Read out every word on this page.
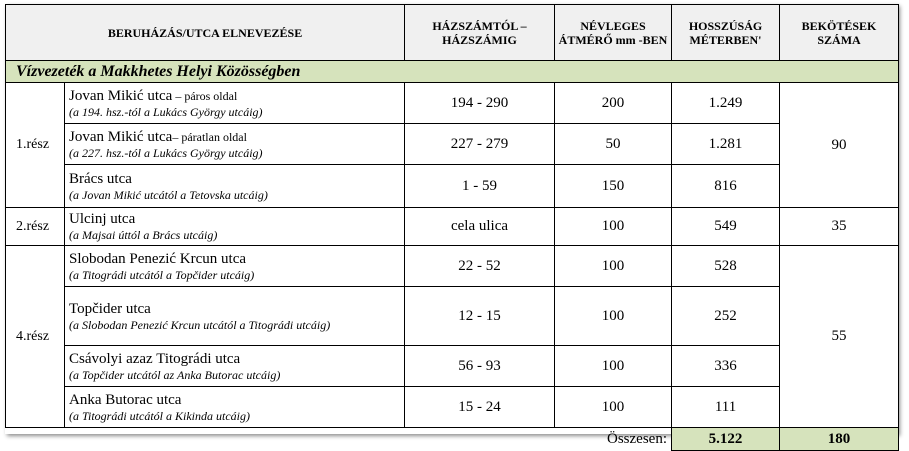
BERUHÁZÁS/UTCA ELNEVEZÉSE		HÁZSZÁMTÓL – HÁZSZÁMIG	NÉVLEGES ÁTMÉRŐ mm -BEN	HOSSZÚSÁG MÉTERBEN'	BEKÖTÉSEK SZÁMA
Vízvezeték a Makkhetes Helyi Közösségben					
1.rész	Jovan Mikić utca – páros oldal
(a 194. hsz.-tól a Lukács György utcáig)	194 - 290	200	1.249	90

	Jovan Mikić utca– páratlan oldal
(a 227. hsz.-tól a Lukács György utcáig)	227 - 279	50	1.281	

	Brács utca
(a Jovan Mikić utcától a Tetovska utcáig)	1 - 59	150	816	
2.rész	Ulcinj utca
(a Majsai úttól a Brács utcáig)	cela ulica	100	549	35
4.rész	Slobodan Penezić Krcun utca
(a Titográdi utcától a Topčider utcáig)	22 - 52	100	528	55

	Topčider utca
(a Slobodan Penezić Krcun utcától a Titográdi utcáig)	12 - 15	100	252	

	Csávolyi azaz Titográdi utca
(a Topčider utcától az Anka Butorac utcáig)	56 - 93	100	336	

	Anka Butorac utca
(a Titográdi utcától a Kikinda utcáig)	15 - 24	100	111	
		Összesen:		5.122	180
